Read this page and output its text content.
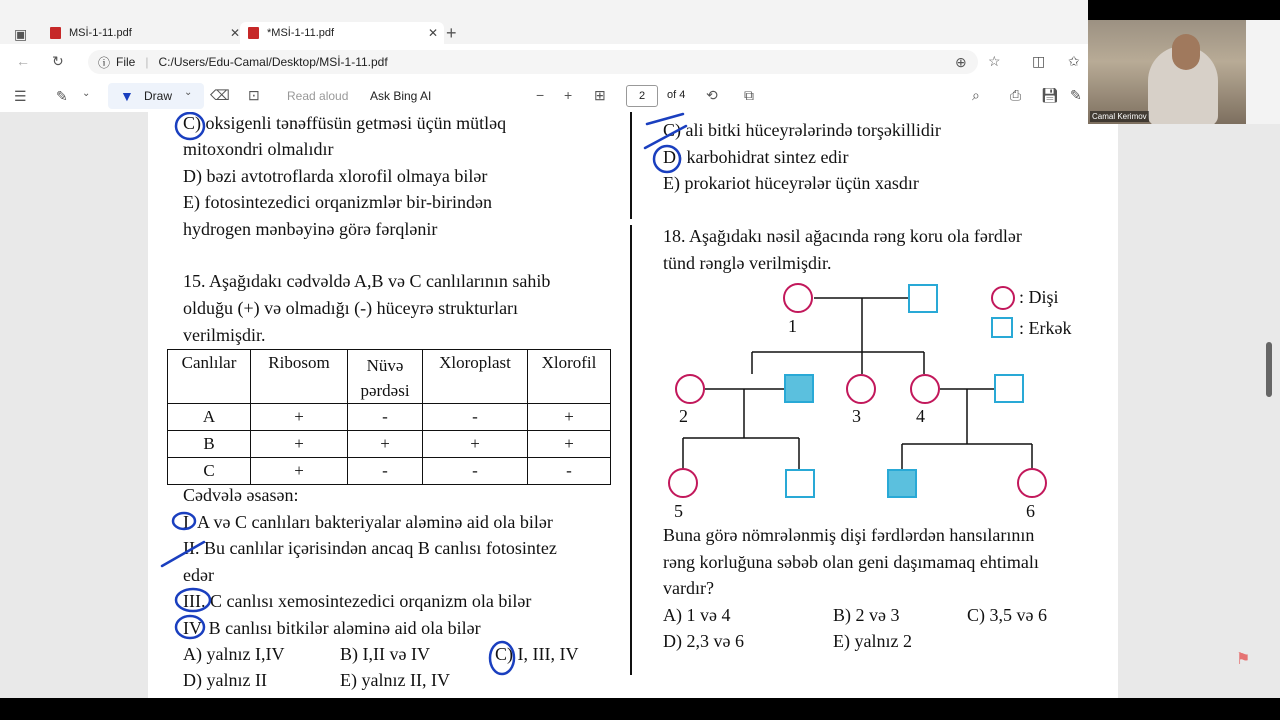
▣	MSİ-1-11.pdf	✕ *MSİ-1-11.pdf	✕ +
← ↻	ⓘ File | C:/Users/Edu-Camal/Desktop/MSİ-1-11.pdf	⊕ ☆ ◫ ✩
☰ ✎ ⌄ ▼ Draw ⌄ ⌫ ⊡ Read aloud Ask Bing AI	− + ⊞	2	of 4 ⟲ ⧉	⌕ ⎙ 💾︎ ✎
C) oksigenli tənəffüsün getməsi üçün mütləq
mitoxondri olmalıdır
D) bəzi avtotroflarda xlorofil olmaya bilər
E) fotosintezedici orqanizmlər bir-birindən
hydrogen mənbəyinə görə fərqlənir
15. Aşağıdakı cədvəldə A,B və C canlılarının sahib
olduğu (+) və olmadığı (-) hüceyrə strukturları
verilmişdir.
Canlılar	Ribosom	Nüvə pərdəsi	Xloroplast	Xlorofil
A	+	-	-	+
B	+	+	+	+
C	+	-	-	-
Cədvələ əsasən:
I. A və C canlıları bakteriyalar aləminə aid ola bilər
II. Bu canlılar içərisindən ancaq B canlısı fotosintez
edər
III. C canlısı xemosintezedici orqanizm ola bilər
IV. B canlısı bitkilər aləminə aid ola bilər
A) yalnız I,IV	B) I,II və IV	C) I, III, IV
D) yalnız II	E) yalnız II, IV
C) ali bitki hüceyrələrində torşəkillidir
D) karbohidrat sintez edir
E) prokariot hüceyrələr üçün xasdır
18. Aşağıdakı nəsil ağacında rəng koru ola fərdlər
tünd rənglə verilmişdir.
1
2	3	4
5	6
: Dişi
: Erkək
Buna görə nömrələnmiş dişi fərdlərdən hansılarının
rəng korluğuna səbəb olan geni daşımamaq ehtimalı
vardır?
A) 1 və 4	B) 2 və 3	C) 3,5 və 6
D) 2,3 və 6	E) yalnız 2
⚑
Camal Kerimov
